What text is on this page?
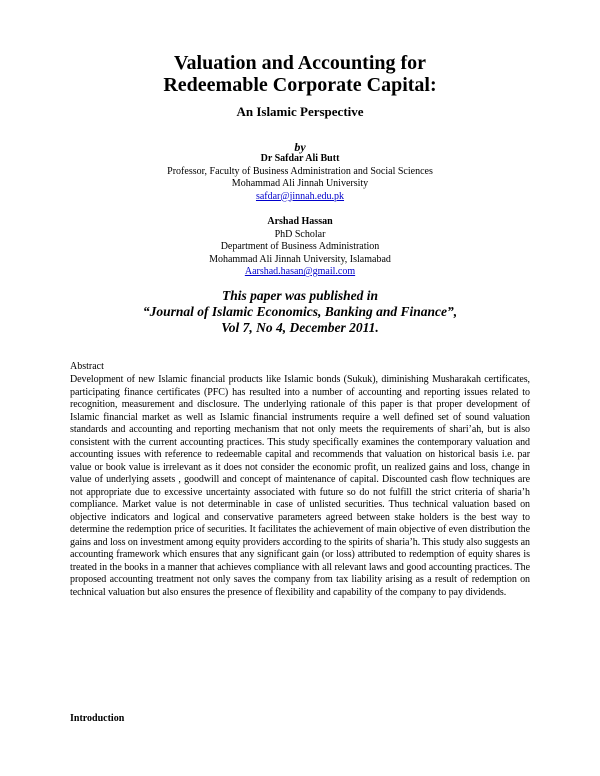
Valuation and Accounting for
Redeemable Corporate Capital:
An Islamic Perspective
by
Dr Safdar Ali Butt
Professor, Faculty of Business Administration and Social Sciences
Mohammad Ali Jinnah University
safdar@jinnah.edu.pk
Arshad Hassan
PhD Scholar
Department of Business Administration
Mohammad Ali Jinnah University, Islamabad
Aarshad.hasan@gmail.com
This paper was published in
“Journal of Islamic Economics, Banking and Finance”,
Vol 7, No 4, December 2011.
Abstract
Development of new Islamic financial products like Islamic bonds (Sukuk), diminishing Musharakah certificates, participating finance certificates (PFC) has resulted into a number of accounting and reporting issues related to recognition, measurement and disclosure. The underlying rationale of this paper is that proper development of Islamic financial market as well as Islamic financial instruments require a well defined set of sound valuation standards and accounting and reporting mechanism that not only meets the requirements of shari’ah, but is also consistent with the current accounting practices. This study specifically examines the contemporary valuation and accounting issues with reference to redeemable capital and recommends that valuation on historical basis i.e. par value or book value is irrelevant as it does not consider the economic profit, un realized gains and loss, change in value of underlying assets , goodwill and concept of maintenance of capital. Discounted cash flow techniques are not appropriate due to excessive uncertainty associated with future so do not fulfill the strict criteria of sharia’h compliance. Market value is not determinable in case of unlisted securities. Thus technical valuation based on objective indicators and logical and conservative parameters agreed between stake holders is the best way to determine the redemption price of securities. It facilitates the achievement of main objective of even distribution the gains and loss on investment among equity providers according to the spirits of sharia’h. This study also suggests an accounting framework which ensures that any significant gain (or loss) attributed to redemption of equity shares is treated in the books in a manner that achieves compliance with all relevant laws and good accounting practices. The proposed accounting treatment not only saves the company from tax liability arising as a result of redemption on technical valuation but also ensures the presence of flexibility and capability of the company to pay dividends.
Introduction
